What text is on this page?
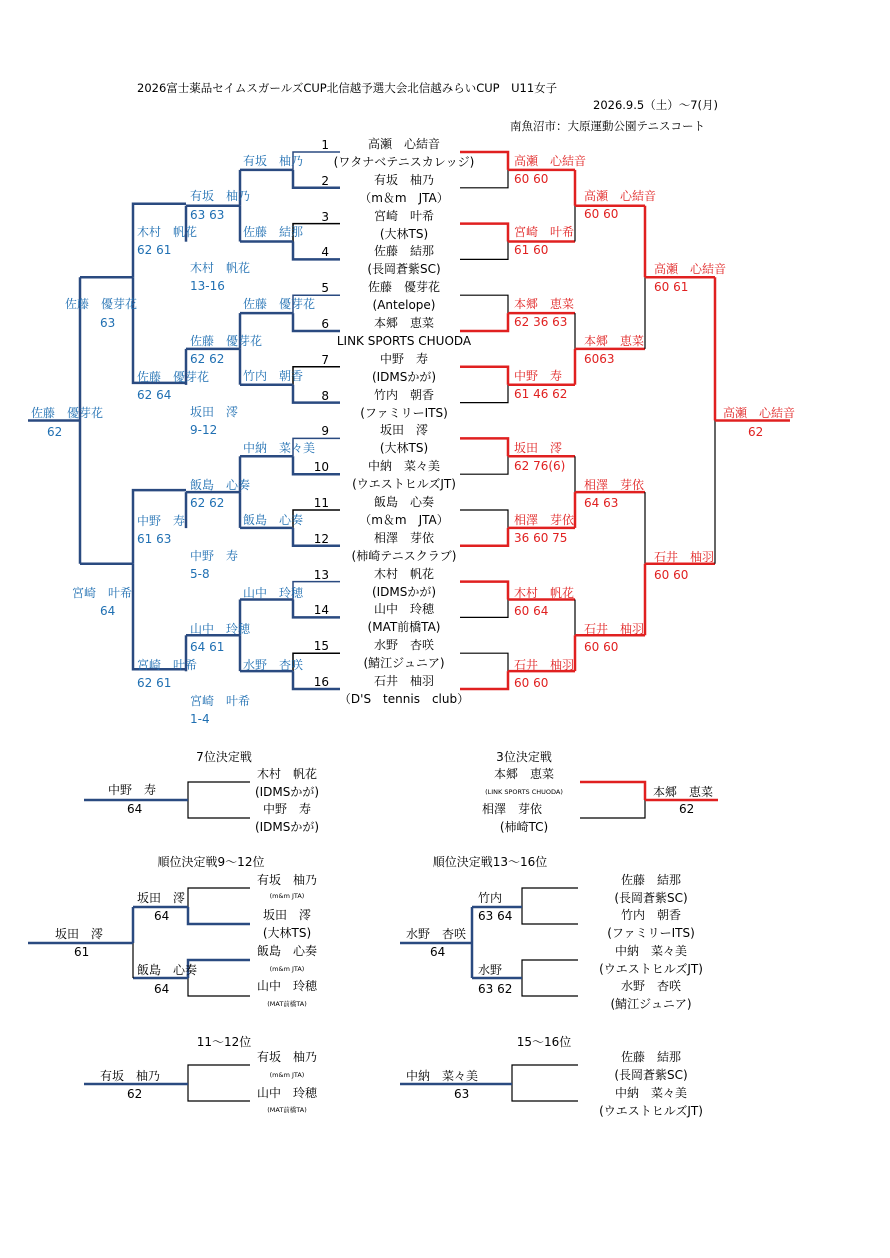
2026富士薬品セイムスガールズCUP北信越予選大会北信越みらいCUP　U11女子
2026.9.5（土）～7(月)
南魚沼市：大原運動公園テニスコート
1	高瀬　心結音
(ワタナベテニスカレッジ)
2	有坂　柚乃
（m＆m　JTA）
3	宮崎　叶希
(大林TS)
4	佐藤　結那
(長岡蒼紫SC)
5	佐藤　優芽花
(Antelope)
6	本郷　恵菜
LINK SPORTS CHUODA
7	中野　寿
(IDMSかが)
8	竹内　朝香
(ファミリーITS)
9	坂田　澪
(大林TS)
10	中納　菜々美
(ウエストヒルズJT)
11	飯島　心奏
（m＆m　JTA）
12	相澤　芽依
(柿崎テニスクラブ)
13	木村　帆花
(IDMSかが)
14	山中　玲穂
(MAT前橋TA)
15	水野　杏咲
(鯖江ジュニア)
16	石井　柚羽
（D'S　tennis　club）
有坂　柚乃
佐藤　結那
佐藤　優芽花
竹内　朝香
中納　菜々美
飯島　心奏
山中　玲穂
水野　杏咲
有坂　柚乃
63 63
佐藤　優芽花
62 62
飯島　心奏
62 62
山中　玲穂
64 61
木村　帆花
62 61
木村　帆花
13-16
佐藤　優芽花
62 64
坂田　澪
9-12
中野　寿
61 63
中野　寿
5-8
宮崎　叶希
62 61
宮崎　叶希
1-4
佐藤　優芽花
63
宮崎　叶希
64
佐藤　優芽花
62
高瀬　心結音
60 60
宮崎　叶希
61 60
本郷　恵菜
62 36 63
中野　寿
61 46 62
坂田　澪
62 76(6)
相澤　芽依
36 60 75
木村　帆花
60 64
石井　柚羽
60 60
高瀬　心結音
60 60
本郷　恵菜
6063
相澤　芽依
64 63
石井　柚羽
60 60
高瀬　心結音
60 61
石井　柚羽
60 60
高瀬　心結音
62
7位決定戦
木村　帆花
(IDMSかが)
中野　寿
(IDMSかが)
中野　寿
64
3位決定戦
本郷　恵菜
(LINK SPORTS CHUODA)
相澤　芽依
(柿崎TC)
本郷　恵菜
62
順位決定戦9～12位
有坂　柚乃
(m&m JTA)
坂田　澪
(大林TS)
飯島　心奏
(m&m JTA)
山中　玲穂
(MAT前橋TA)
坂田　澪
64
飯島　心奏
64
坂田　澪
61
順位決定戦13～16位
佐藤　結那
(長岡蒼紫SC)
竹内　朝香
(ファミリーITS)
中納　菜々美
(ウエストヒルズJT)
水野　杏咲
(鯖江ジュニア)
竹内
63 64
水野
63 62
水野　杏咲
64
11～12位
有坂　柚乃
(m&m JTA)
山中　玲穂
(MAT前橋TA)
有坂　柚乃
62
15～16位
佐藤　結那
(長岡蒼紫SC)
中納　菜々美
(ウエストヒルズJT)
中納　菜々美
63
